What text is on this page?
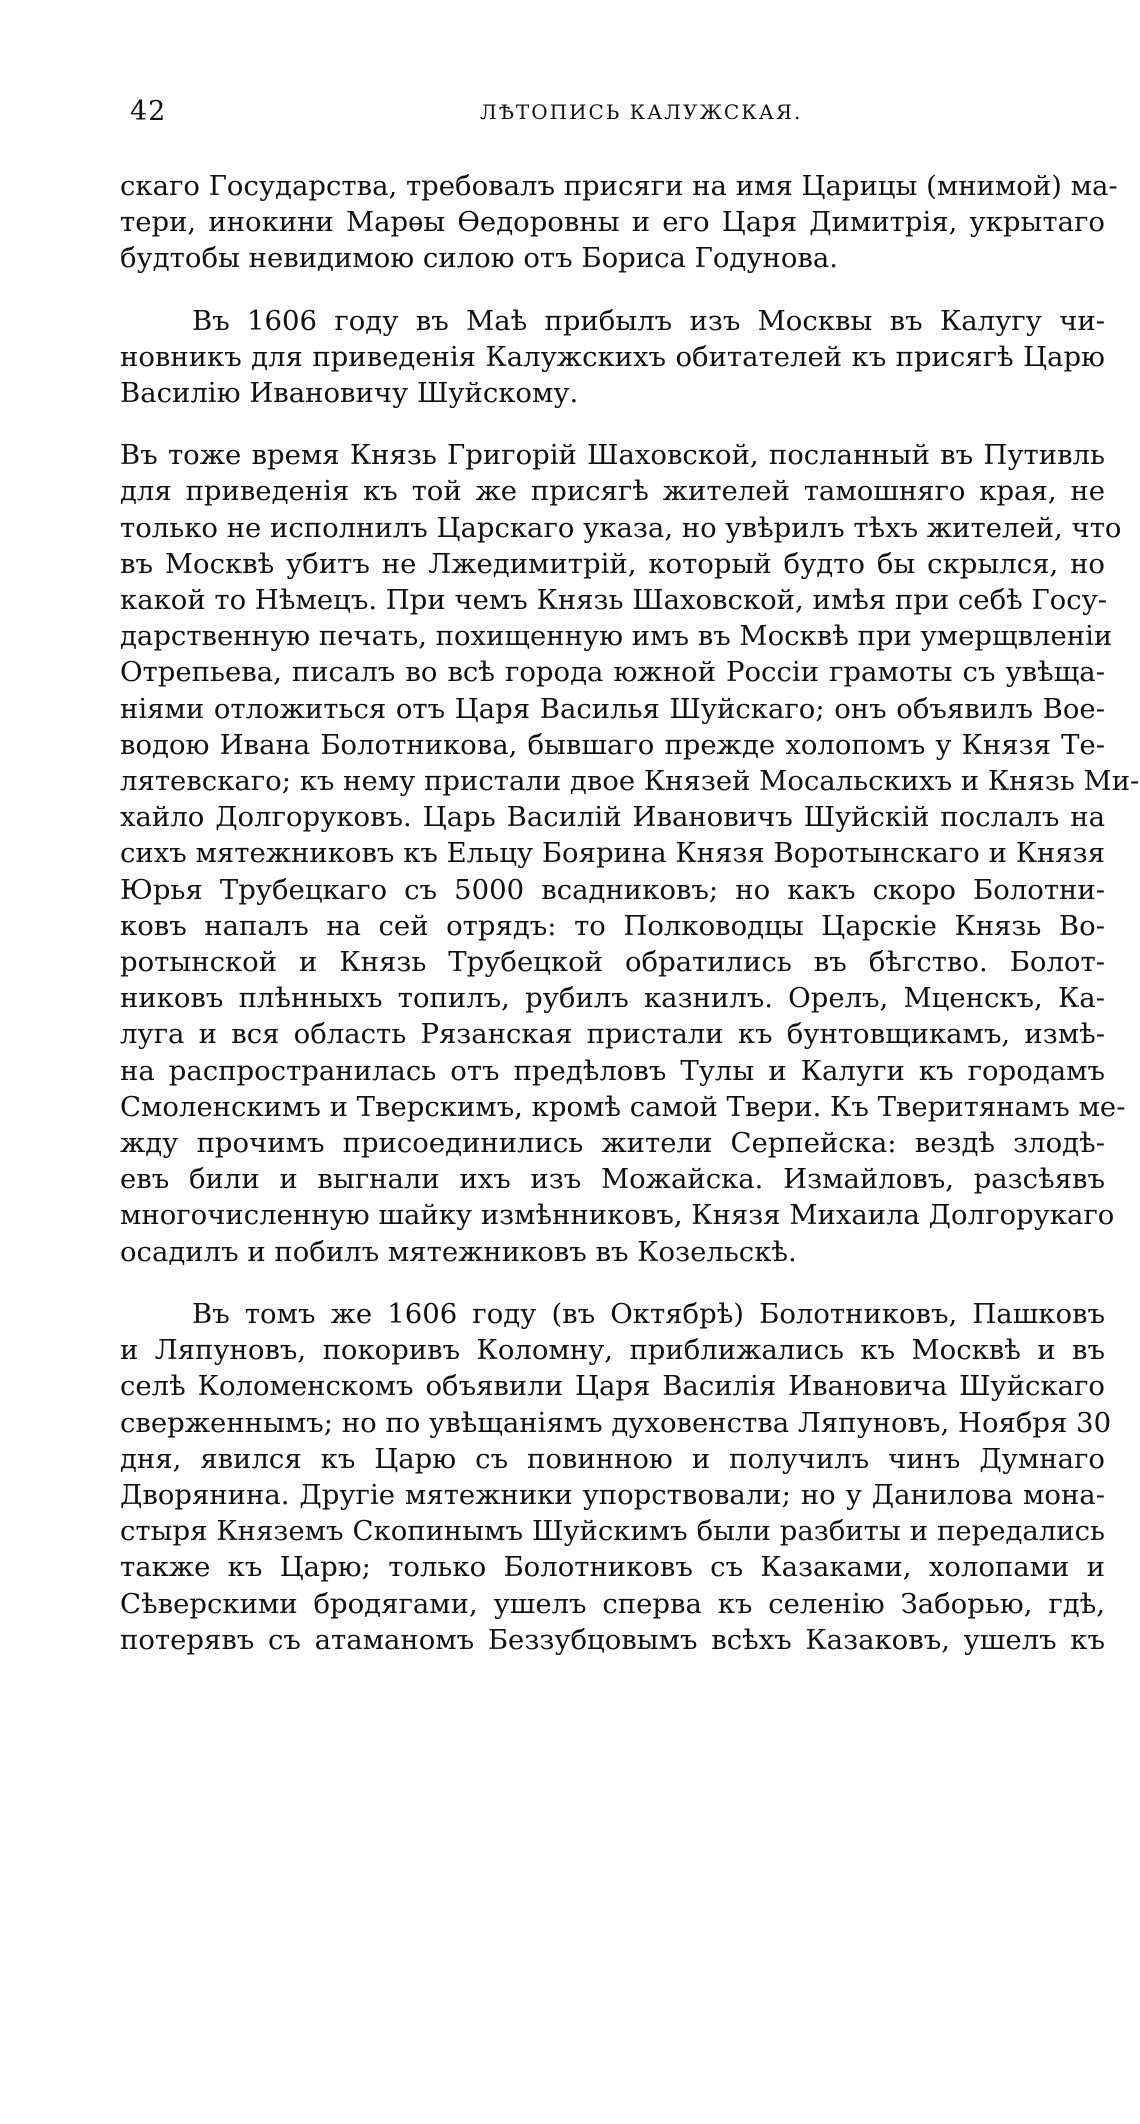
42	ЛѢТОПИСЬ КАЛУЖСКАЯ.

скаго Государства, требовалъ присяги на имя Царицы (мнимой) ма-
тери, инокини Марѳы Ѳедоровны и его Царя Димитрія, укрытаго
будтобы невидимою силою отъ Бориса Годунова.

Въ 1606 году въ Маѣ прибылъ изъ Москвы въ Калугу чи-
новникъ для приведенія Калужскихъ обитателей къ присягѣ Царю
Василію Ивановичу Шуйскому.

Въ тоже время Князь Григорій Шаховской, посланный въ Путивль
для приведенія къ той же присягѣ жителей тамошняго края, не
только не исполнилъ Царскаго указа, но увѣрилъ тѣхъ жителей, что
въ Москвѣ убитъ не Лжедимитрій, который будто бы скрылся, но
какой то Нѣмецъ. При чемъ Князь Шаховской, имѣя при себѣ Госу-
дарственную печать, похищенную имъ въ Москвѣ при умерщвленіи
Отрепьева, писалъ во всѣ города южной Россіи грамоты съ увѣща-
ніями отложиться отъ Царя Василья Шуйскаго; онъ объявилъ Вое-
водою Ивана Болотникова, бывшаго прежде холопомъ у Князя Те-
лятевскаго; къ нему пристали двое Князей Мосальскихъ и Князь Ми-
хайло Долгоруковъ. Царь Василій Ивановичъ Шуйскій послалъ на
сихъ мятежниковъ къ Ельцу Боярина Князя Воротынскаго и Князя
Юрья Трубецкаго съ 5000 всадниковъ; но какъ скоро Болотни-
ковъ напалъ на сей отрядъ: то Полководцы Царскіе Князь Во-
ротынской и Князь Трубецкой обратились въ бѣгство. Болот-
никовъ плѣнныхъ топилъ, рубилъ казнилъ. Орелъ, Мценскъ, Ка-
луга и вся область Рязанская пристали къ бунтовщикамъ, измѣ-
на распространилась отъ предѣловъ Тулы и Калуги къ городамъ
Смоленскимъ и Тверскимъ, кромѣ самой Твери. Къ Тверитянамъ ме-
жду прочимъ присоединились жители Серпейска: вездѣ злодѣ-
евъ били и выгнали ихъ изъ Можайска. Измайловъ, разсѣявъ
многочисленную шайку измѣнниковъ, Князя Михаила Долгорукаго
осадилъ и побилъ мятежниковъ въ Козельскѣ.

Въ томъ же 1606 году (въ Октябрѣ) Болотниковъ, Пашковъ
и Ляпуновъ, покоривъ Коломну, приближались къ Москвѣ и въ
селѣ Коломенскомъ объявили Царя Василія Ивановича Шуйскаго
сверженнымъ; но по увѣщаніямъ духовенства Ляпуновъ, Ноября 30
дня, явился къ Царю съ повинною и получилъ чинъ Думнаго
Дворянина. Другіе мятежники упорствовали; но у Данилова мона-
стыря Княземъ Скопинымъ Шуйскимъ были разбиты и передались
также къ Царю; только Болотниковъ съ Казаками, холопами и
Сѣверскими бродягами, ушелъ сперва къ селенію Заборью, гдѣ,
потерявъ съ атаманомъ Беззубцовымъ всѣхъ Казаковъ, ушелъ къ
